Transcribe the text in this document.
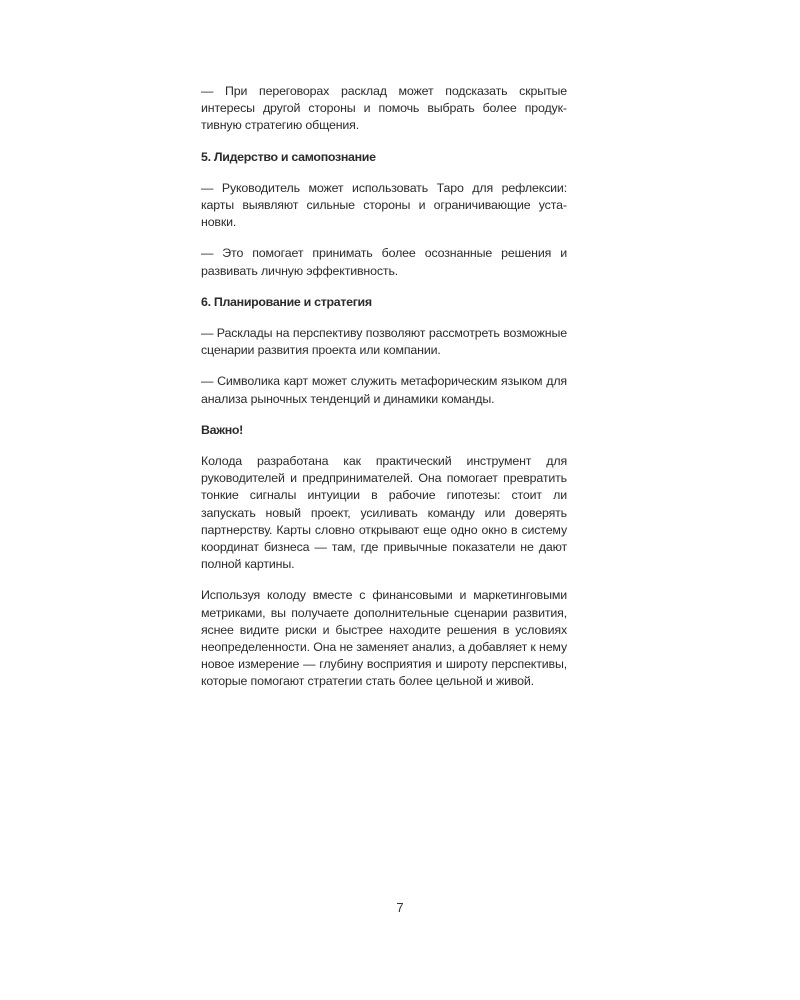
— При переговорах расклад может подсказать скрытые интересы другой стороны и помочь выбрать более продуктивную стратегию общения.

5. Лидерство и самопознание

— Руководитель может использовать Таро для рефлексии: карты выявляют сильные стороны и ограничивающие установки.

— Это помогает принимать более осознанные решения и развивать личную эффективность.

6. Планирование и стратегия

— Расклады на перспективу позволяют рассмотреть возможные сценарии развития проекта или компании.

— Символика карт может служить метафорическим языком для анализа рыночных тенденций и динамики команды.

Важно!

Колода разработана как практический инструмент для руководителей и предпринимателей. Она помогает превратить тонкие сигналы интуиции в рабочие гипотезы: стоит ли запускать новый проект, усиливать команду или доверять партнерству. Карты словно открывают еще одно окно в систему координат бизнеса — там, где привычные показатели не дают полной картины.

Используя колоду вместе с финансовыми и маркетинговыми метриками, вы получаете дополнительные сценарии развития, яснее видите риски и быстрее находите решения в условиях неопределенности. Она не заменяет анализ, а добавляет к нему новое измерение — глубину восприятия и широту перспективы, которые помогают стратегии стать более цельной и живой.

7
